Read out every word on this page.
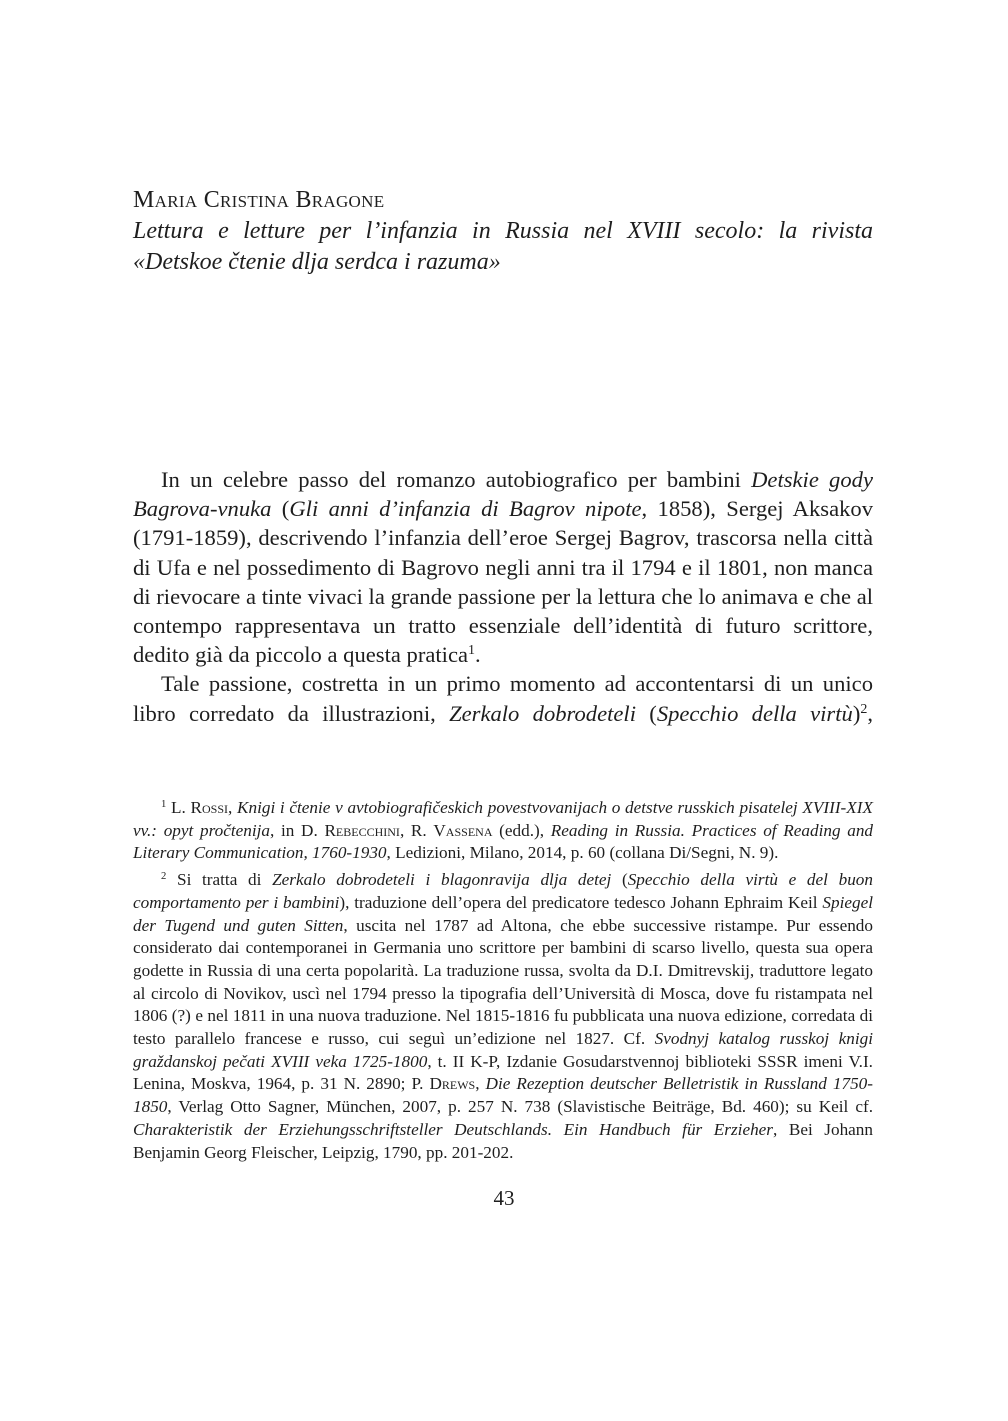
Maria Cristina Bragone
Lettura e letture per l’infanzia in Russia nel XVIII secolo: la rivista «Detskoe čtenie dlja serdca i razuma»

In un celebre passo del romanzo autobiografico per bambini Detskie gody Bagrova-vnuka (Gli anni d’infanzia di Bagrov nipote, 1858), Sergej Aksakov (1791-1859), descrivendo l’infanzia dell’eroe Sergej Bagrov, trascorsa nella città di Ufa e nel possedimento di Bagrovo negli anni tra il 1794 e il 1801, non manca di rievocare a tinte vivaci la grande passione per la lettura che lo animava e che al contempo rappresentava un tratto essenziale dell’identità di futuro scrittore, dedito già da piccolo a questa pratica$^1$.

Tale passione, costretta in un primo momento ad accontentarsi di un unico libro corredato da illustrazioni, Zerkalo dobrodeteli (Specchio della virtù)$^2$,

$^1$ L. Rossi, Knigi i čtenie v avtobiografičeskich povestvovanijach o detstve russkich pisatelej XVIII-XIX vv.: opyt pročtenija, in D. Rebecchini, R. Vassena (edd.), Reading in Russia. Practices of Reading and Literary Communication, 1760-1930, Ledizioni, Milano, 2014, p. 60 (collana Di/Segni, N. 9).

$^2$ Si tratta di Zerkalo dobrodeteli i blagonravija dlja detej (Specchio della virtù e del buon comportamento per i bambini), traduzione dell’opera del predicatore tedesco Johann Ephraim Keil Spiegel der Tugend und guten Sitten, uscita nel 1787 ad Altona, che ebbe successive ristampe. Pur essendo considerato dai contemporanei in Germania uno scrittore per bambini di scarso livello, questa sua opera godette in Russia di una certa popolarità. La traduzione russa, svolta da D.I. Dmitrevskij, traduttore legato al circolo di Novikov, uscì nel 1794 presso la tipografia dell’Università di Mosca, dove fu ristampata nel 1806 (?) e nel 1811 in una nuova traduzione. Nel 1815-1816 fu pubblicata una nuova edizione, corredata di testo parallelo francese e russo, cui seguì un’edizione nel 1827. Cf. Svodnyj katalog russkoj knigi graždanskoj pečati XVIII veka 1725-1800, t. II K-P, Izdanie Gosudarstvennoj biblioteki SSSR imeni V.I. Lenina, Moskva, 1964, p. 31 N. 2890; P. Drews, Die Rezeption deutscher Belletristik in Russland 1750-1850, Verlag Otto Sagner, München, 2007, p. 257 N. 738 (Slavistische Beiträge, Bd. 460); su Keil cf. Charakteristik der Erziehungsschriftsteller Deutschlands. Ein Handbuch für Erzieher, Bei Johann Benjamin Georg Fleischer, Leipzig, 1790, pp. 201-202.

43
